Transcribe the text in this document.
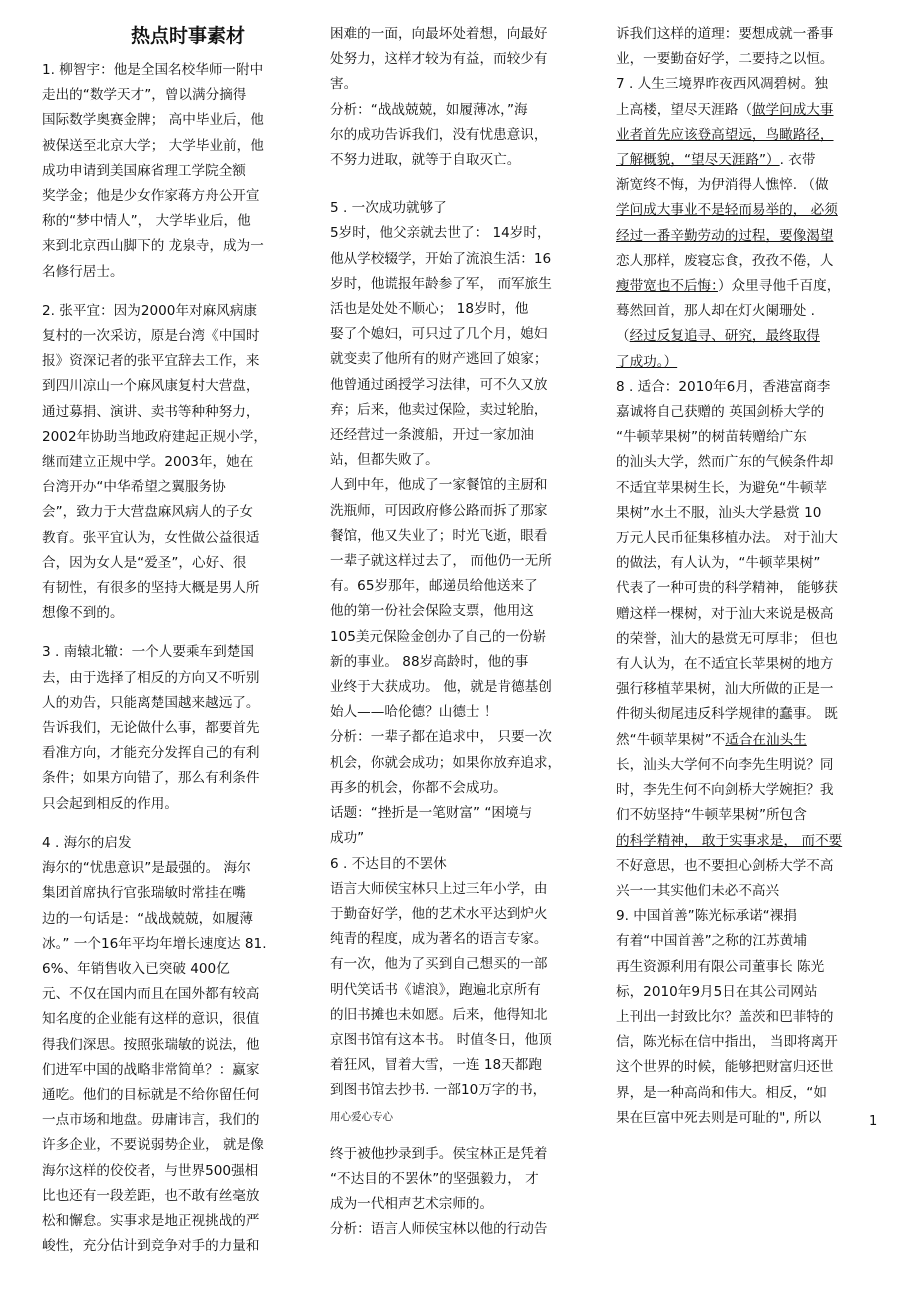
热点时事素材
1. 柳智宇：他是全国名校华师一附中
走出的“数学天才”，曾以满分摘得
国际数学奥赛金牌； 高中毕业后，他
被保送至北京大学； 大学毕业前，他
成功申请到美国麻省理工学院全额
奖学金；他是少女作家蒋方舟公开宣
称的“梦中情人”， 大学毕业后，他
来到北京西山脚下的 龙泉寺，成为一
名修行居士。
2. 张平宜：因为2000年对麻风病康
复村的一次采访，原是台湾《中国时
报》资深记者的张平宜辞去工作，来
到四川凉山一个麻风康复村大营盘，
通过募捐、演讲、卖书等种种努力，
2002年协助当地政府建起正规小学，
继而建立正规中学。2003年，她在
台湾开办“中华希望之翼服务协
会”，致力于大营盘麻风病人的子女
教育。张平宜认为，女性做公益很适
合，因为女人是“爱圣”，心好、很
有韧性，有很多的坚持大概是男人所
想像不到的。
3 . 南辕北辙：一个人要乘车到楚国
去，由于选择了相反的方向又不听别
人的劝告，只能离楚国越来越远了。
告诉我们，无论做什么事，都要首先
看准方向，才能充分发挥自己的有利
条件；如果方向错了，那么有利条件
只会起到相反的作用。
4 . 海尔的启发
海尔的“忧患意识”是最强的。 海尔
集团首席执行官张瑞敏时常挂在嘴
边的一句话是：“战战兢兢，如履薄
冰。” 一个16年平均年增长速度达 81.
6%、年销售收入已突破 400亿
元、不仅在国内而且在国外都有较高
知名度的企业能有这样的意识，很值
得我们深思。按照张瑞敏的说法，他
们进军中国的战略非常简单？：赢家
通吃。他们的目标就是不给你留任何
一点市场和地盘。毋庸讳言，我们的
许多企业，不要说弱势企业， 就是像
海尔这样的佼佼者，与世界500强相
比也还有一段差距，也不敢有丝毫放
松和懈怠。实事求是地正视挑战的严
峻性，充分估计到竞争对手的力量和
困难的一面，向最坏处着想，向最好
处努力，这样才较为有益，而较少有
害。
分析：“战战兢兢，如履薄冰，”海
尔的成功告诉我们，没有忧患意识，
不努力进取，就等于自取灭亡。
5 . 一次成功就够了
5岁时，他父亲就去世了： 14岁时，
他从学校辍学，开始了流浪生活：16
岁时，他谎报年龄参了军， 而军旅生
活也是处处不顺心； 18岁时，他
娶了个媳妇，可只过了几个月，媳妇
就变卖了他所有的财产逃回了娘家；
他曾通过函授学习法律，可不久又放
弃；后来，他卖过保险，卖过轮胎，
还经营过一条渡船，开过一家加油
站，但都失败了。
人到中年，他成了一家餐馆的主厨和
洗瓶师，可因政府修公路而拆了那家
餐馆，他又失业了；时光飞逝，眼看
一辈子就这样过去了， 而他仍一无所
有。65岁那年，邮递员给他送来了
他的第一份社会保险支票，他用这
105美元保险金创办了自己的一份崭
新的事业。 88岁高龄时，他的事
业终于大获成功。 他，就是肯德基创
始人——哈伦德？山德士 ！
分析：一辈子都在追求中， 只要一次
机会，你就会成功；如果你放弃追求，
再多的机会，你都不会成功。
话题：“挫折是一笔财富” “困境与
成功”
6 . 不达目的不罢休
语言大师侯宝林只上过三年小学，由
于勤奋好学，他的艺术水平达到炉火
纯青的程度，成为著名的语言专家。
有一次，他为了买到自己想买的一部
明代笑话书《谑浪》，跑遍北京所有
的旧书摊也未如愿。后来，他得知北
京图书馆有这本书。 时值冬日，他顶
着狂风，冒着大雪，一连 18天都跑
到图书馆去抄书. 一部10万字的书，
用心爱心专心
终于被他抄录到手。侯宝林正是凭着
“不达目的不罢休”的坚强毅力， 才
成为一代相声艺术宗师的。
分析：语言人师侯宝林以他的行动告
诉我们这样的道理：要想成就一番事
业，一要勤奋好学，二要持之以恒。
7 . 人生三境界昨夜西风凋碧树。独
上高楼，望尽天涯路（做学问成大事
业者首先应该登高望远，鸟瞰路径，
了解概貌，“望尽天涯路”）. 衣带
渐宽终不悔，为伊消得人憔悴. （做
学问成大事业不是轻而易举的， 必须
经过一番辛勤劳动的过程，要像渴望
恋人那样，废寝忘食，孜孜不倦，人
瘦带宽也不后悔：）众里寻他千百度，
蓦然回首，那人却在灯火阑珊处 .
（经过反复追寻、研究，最终取得
了成功。）
8 . 适合：2010年6月，香港富商李
嘉诚将自己获赠的 英国剑桥大学的
“牛顿苹果树”的树苗转赠给广东
的汕头大学，然而广东的气候条件却
不适宜苹果树生长，为避免“牛顿苹
果树”水土不服，汕头大学悬赏 10
万元人民币征集移植办法。 对于汕大
的做法，有人认为，“牛顿苹果树”
代表了一种可贵的科学精神， 能够获
赠这样一棵树，对于汕大来说是极高
的荣誉，汕大的悬赏无可厚非； 但也
有人认为，在不适宜长苹果树的地方
强行移植苹果树，汕大所做的正是一
件彻头彻尾违反科学规律的蠢事。 既
然“牛顿苹果树”不适合在汕头生
长，汕头大学何不向李先生明说？同
时，李先生何不向剑桥大学婉拒？我
们不妨坚持“牛顿苹果树”所包含
的科学精神， 敢于实事求是， 而不要
不好意思，也不要担心剑桥大学不高
兴一一其实他们未必不高兴
9. 中国首善”陈光标承诺“裸捐
有着“中国首善”之称的江苏黄埔
再生资源利用有限公司董事长 陈光
标，2010年9月5日在其公司网站
上刊出一封致比尔？盖茨和巴菲特的
信，陈光标在信中指出， 当即将离开
这个世界的时候，能够把财富归还世
界，是一种高尚和伟大。相反，“如
果在巨富中死去则是可耻的", 所以	1
